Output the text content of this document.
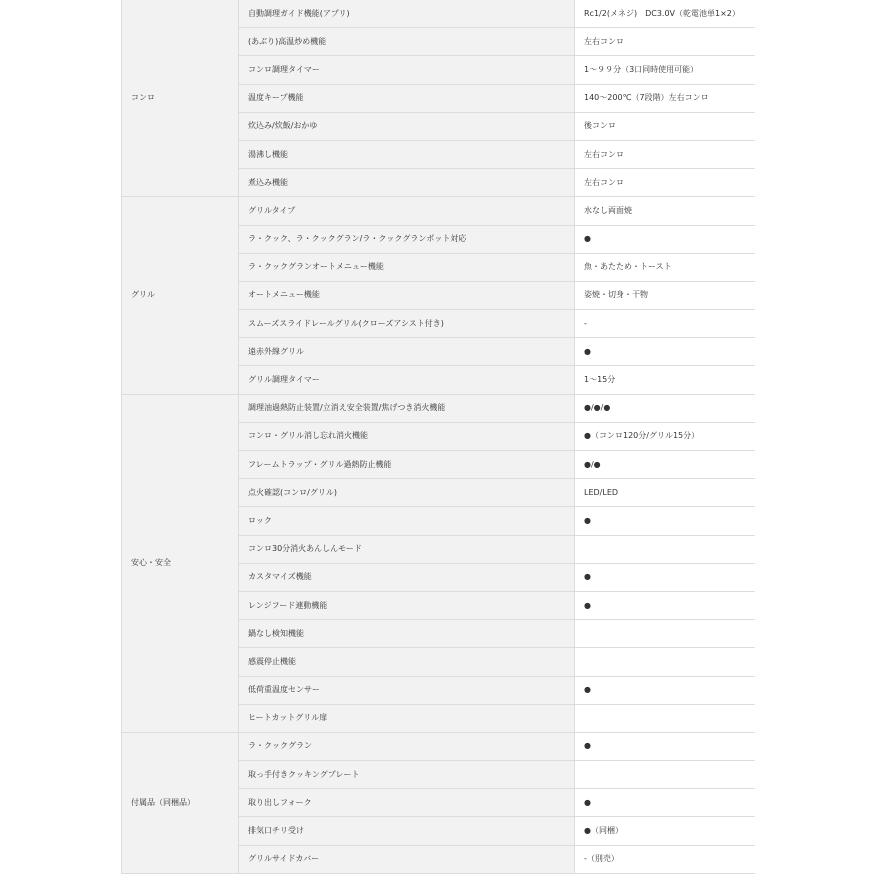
コンロ	自動調理ガイド機能(アプリ)	Rc1/2(メネジ)　DC3.0V（乾電池単1×2）
	(あぶり)高温炒め機能	左右コンロ
	コンロ調理タイマー	1～９９分（3口同時使用可能）
	温度キープ機能	140～200℃（7段階）左右コンロ
	炊込み/炊飯/おかゆ	後コンロ
	湯沸し機能	左右コンロ
	煮込み機能	左右コンロ
グリル	グリルタイプ	水なし両面焼
	ラ・クック、ラ・クックグラン/ラ・クックグランポット対応	●
	ラ・クックグランオートメニュー機能	魚・あたため・トースト
	オートメニュー機能	姿焼・切身・干物
	スムーズスライドレールグリル(クローズアシスト付き)	-
	遠赤外線グリル	●
	グリル調理タイマー	1～15分
安心・安全	調理油過熱防止装置/立消え安全装置/焦げつき消火機能	●/●/●
	コンロ・グリル消し忘れ消火機能	●（コンロ120分/グリル15分）
	フレームトラップ・グリル過熱防止機能	●/●
	点火確認(コンロ/グリル)	LED/LED
	ロック	●
	コンロ30分消火あんしんモード	
	カスタマイズ機能	●
	レンジフード連動機能	●
	鍋なし検知機能	
	感震停止機能	
	低荷重温度センサー	●
	ヒートカットグリル扉	
付属品（同梱品）	ラ・クックグラン	●
	取っ手付きクッキングプレート	
	取り出しフォーク	●
	排気口チリ受け	●（同梱）
	グリルサイドカバー	-（別売）
